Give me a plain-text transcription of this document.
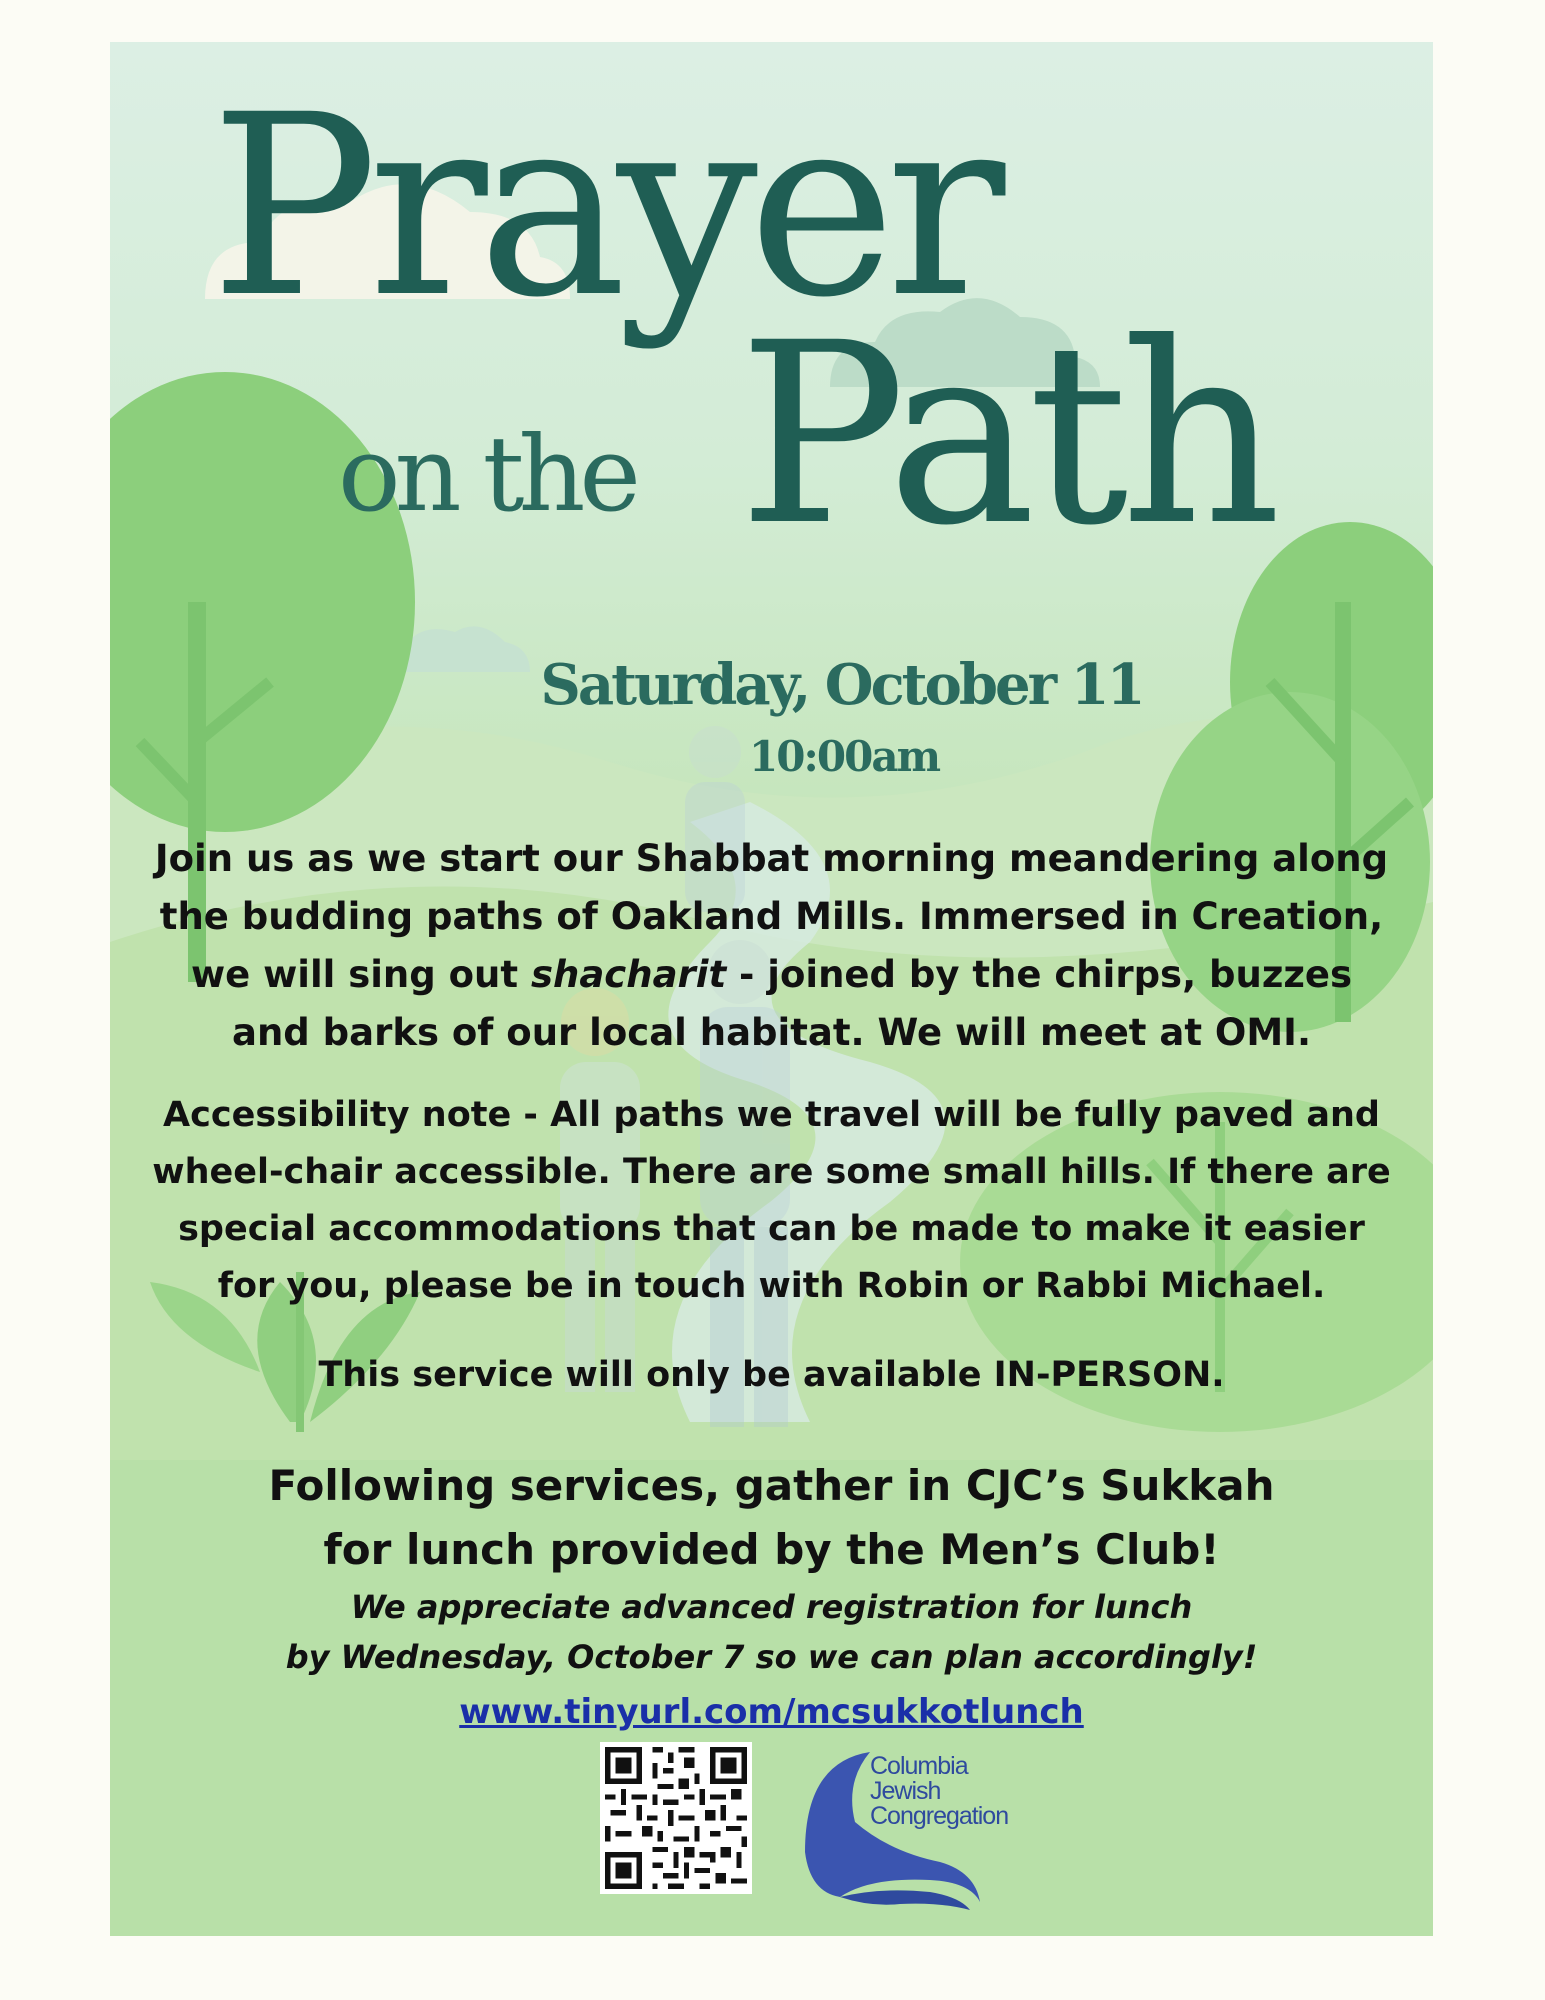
Prayer
on the Path
Saturday, October 11
10:00am
Join us as we start our Shabbat morning meandering along
the budding paths of Oakland Mills. Immersed in Creation,
we will sing out shacharit - joined by the chirps, buzzes
and barks of our local habitat. We will meet at OMI.
Accessibility note - All paths we travel will be fully paved and
wheel-chair accessible. There are some small hills. If there are
special accommodations that can be made to make it easier
for you, please be in touch with Robin or Rabbi Michael.
This service will only be available IN-PERSON.
Following services, gather in CJC’s Sukkah
for lunch provided by the Men’s Club!
We appreciate advanced registration for lunch
by Wednesday, October 7 so we can plan accordingly!
www.tinyurl.com/mcsukkotlunch
Columbia
Jewish
Congregation
